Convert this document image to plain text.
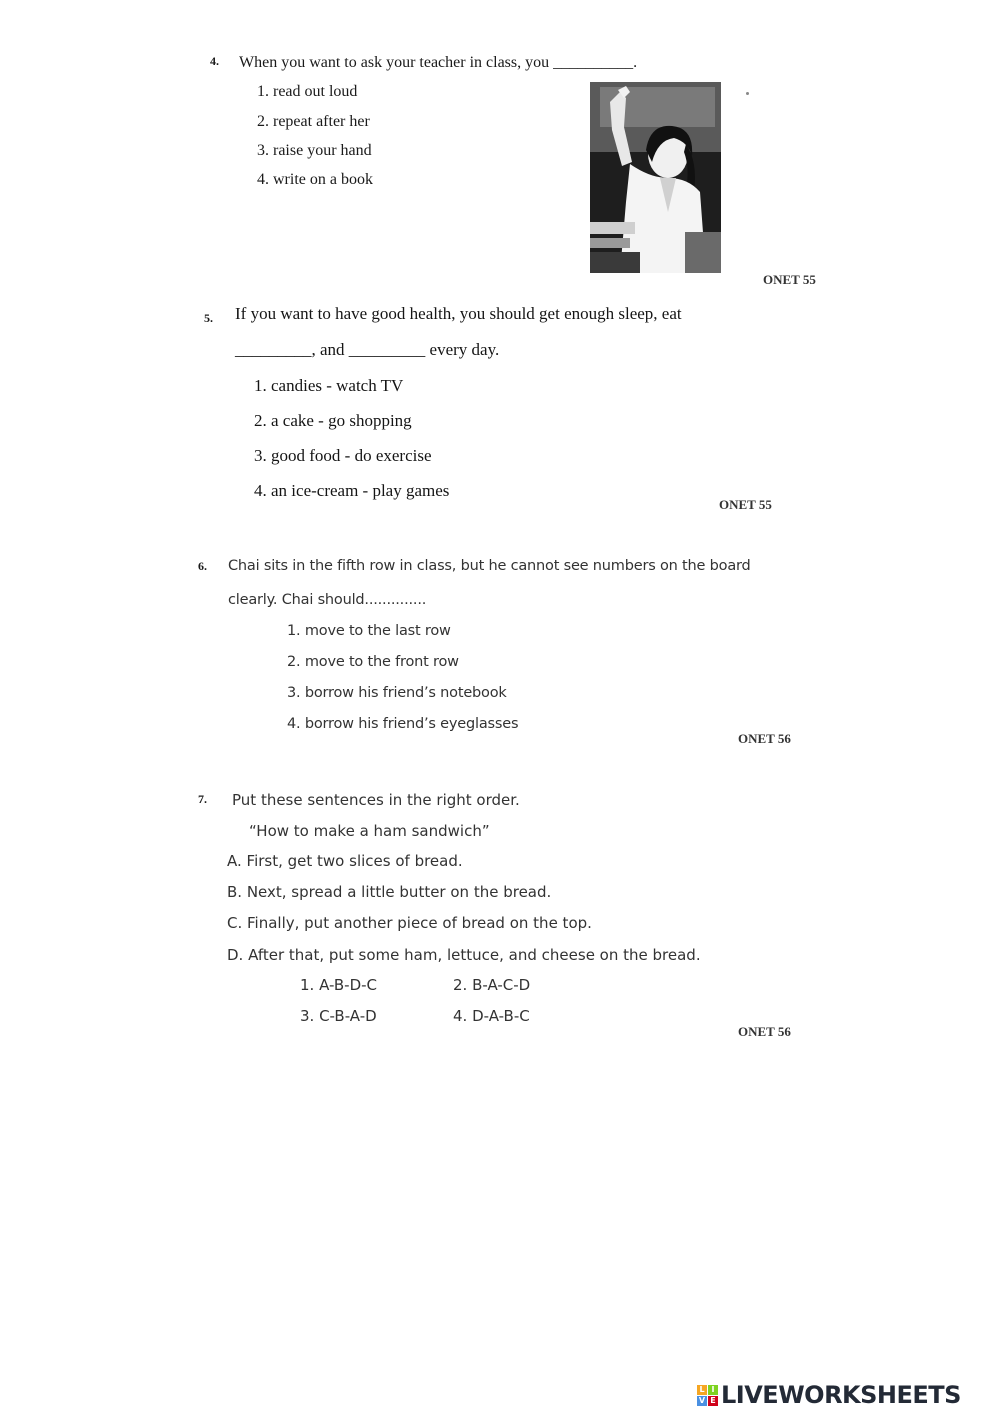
4. When you want to ask your teacher in class, you __________.
1. read out loud
2. repeat after her
3. raise your hand
4. write on a book
ONET 55
5. If you want to have good health, you should get enough sleep, eat
_________, and _________ every day.
1. candies - watch TV
2. a cake - go shopping
3. good food - do exercise
4. an ice-cream - play games
ONET 55
6. Chai sits in the fifth row in class, but he cannot see numbers on the board
clearly. Chai should..............
1. move to the last row
2. move to the front row
3. borrow his friend’s notebook
4. borrow his friend’s eyeglasses
ONET 56
7. Put these sentences in the right order.
“How to make a ham sandwich”
A. First, get two slices of bread.
B. Next, spread a little butter on the bread.
C. Finally, put another piece of bread on the top.
D. After that, put some ham, lettuce, and cheese on the bread.
1. A-B-D-C	2. B-A-C-D
3. C-B-A-D	4. D-A-B-C
ONET 56
L I
V E LIVEWORKSHEETS
